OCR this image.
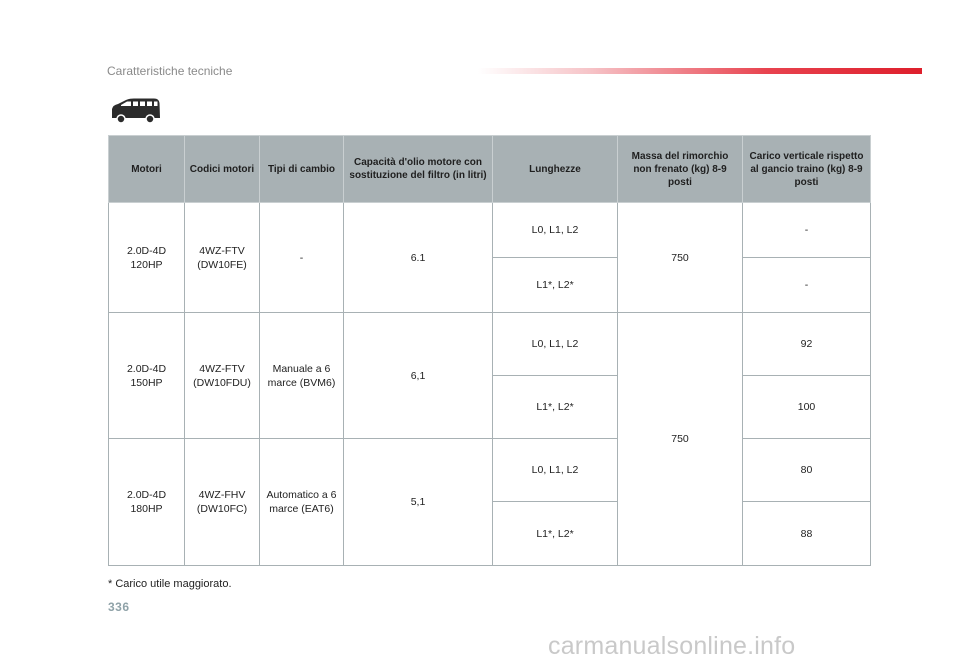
Caratteristiche tecniche
Motori	Codici motori	Tipi di cambio	Capacità d'olio motore con sostituzione del filtro (in litri)	Lunghezze	Massa del rimorchio non frenato (kg) 8-9 posti	Carico verticale rispetto al gancio traino (kg) 8-9 posti
2.0D-4D 120HP	4WZ-FTV (DW10FE)	-	6.1	L0, L1, L2	750	-
				L1*, L2*		-
2.0D-4D 150HP	4WZ-FTV (DW10FDU)	Manuale a 6 marce (BVM6)	6,1	L0, L1, L2	750	92
				L1*, L2*		100
2.0D-4D 180HP	4WZ-FHV (DW10FC)	Automatico a 6 marce (EAT6)	5,1	L0, L1, L2		80
				L1*, L2*		88
* Carico utile maggiorato.
336
carmanualsonline.info
